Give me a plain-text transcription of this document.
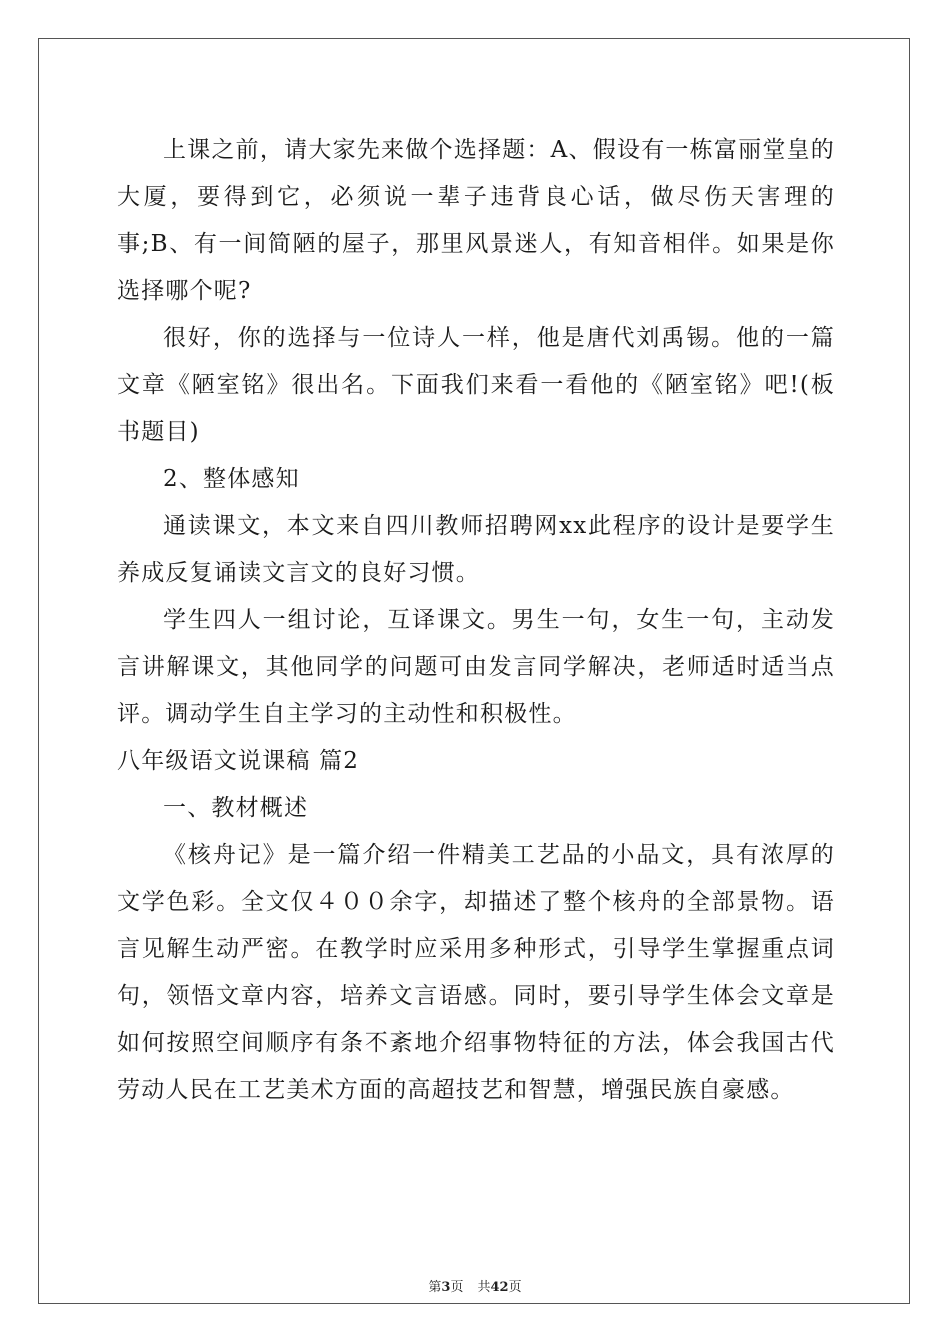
上课之前，请大家先来做个选择题：A、假设有一栋富丽堂皇的大厦，要得到它，必须说一辈子违背良心话，做尽伤天害理的事;B、有一间简陋的屋子，那里风景迷人，有知音相伴。如果是你选择哪个呢?

很好，你的选择与一位诗人一样，他是唐代刘禹锡。他的一篇文章《陋室铭》很出名。下面我们来看一看他的《陋室铭》吧!(板书题目)

2、整体感知

通读课文，本文来自四川教师招聘网xx此程序的设计是要学生养成反复诵读文言文的良好习惯。

学生四人一组讨论，互译课文。男生一句，女生一句，主动发言讲解课文，其他同学的问题可由发言同学解决，老师适时适当点评。调动学生自主学习的主动性和积极性。

八年级语文说课稿 篇2

一、教材概述

《核舟记》是一篇介绍一件精美工艺品的小品文，具有浓厚的文学色彩。全文仅４００余字，却描述了整个核舟的全部景物。语言见解生动严密。在教学时应采用多种形式，引导学生掌握重点词句，领悟文章内容，培养文言语感。同时，要引导学生体会文章是如何按照空间顺序有条不紊地介绍事物特征的方法，体会我国古代劳动人民在工艺美术方面的高超技艺和智慧，增强民族自豪感。

第3页 共42页
